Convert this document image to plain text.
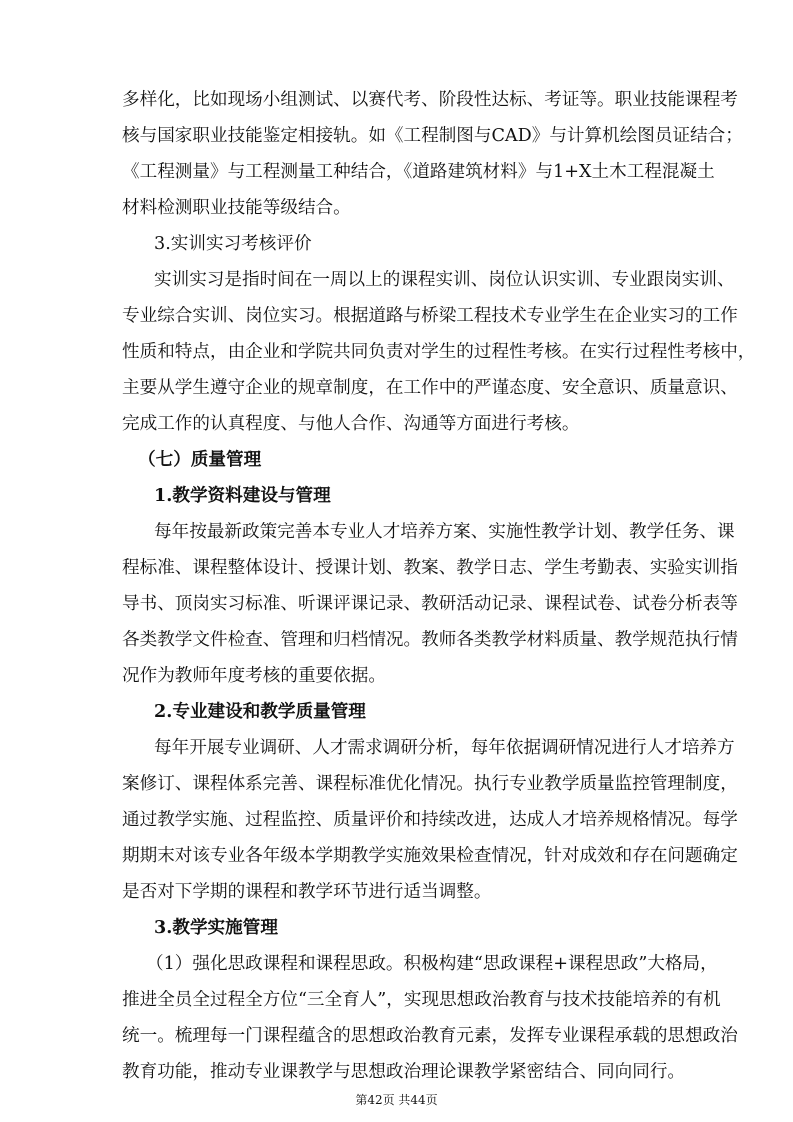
多样化，比如现场小组测试、以赛代考、阶段性达标、考证等。职业技能课程考
核与国家职业技能鉴定相接轨。如《工程制图与CAD》与计算机绘图员证结合；
《工程测量》与工程测量工种结合，《道路建筑材料》与1+X土木工程混凝土
材料检测职业技能等级结合。
3.实训实习考核评价
实训实习是指时间在一周以上的课程实训、岗位认识实训、专业跟岗实训、
专业综合实训、岗位实习。根据道路与桥梁工程技术专业学生在企业实习的工作
性质和特点，由企业和学院共同负责对学生的过程性考核。在实行过程性考核中，
主要从学生遵守企业的规章制度，在工作中的严谨态度、安全意识、质量意识、
完成工作的认真程度、与他人合作、沟通等方面进行考核。
（七）质量管理
1.教学资料建设与管理
每年按最新政策完善本专业人才培养方案、实施性教学计划、教学任务、课
程标准、课程整体设计、授课计划、教案、教学日志、学生考勤表、实验实训指
导书、顶岗实习标准、听课评课记录、教研活动记录、课程试卷、试卷分析表等
各类教学文件检查、管理和归档情况。教师各类教学材料质量、教学规范执行情
况作为教师年度考核的重要依据。
2.专业建设和教学质量管理
每年开展专业调研、人才需求调研分析，每年依据调研情况进行人才培养方
案修订、课程体系完善、课程标准优化情况。执行专业教学质量监控管理制度，
通过教学实施、过程监控、质量评价和持续改进，达成人才培养规格情况。每学
期期末对该专业各年级本学期教学实施效果检查情况，针对成效和存在问题确定
是否对下学期的课程和教学环节进行适当调整。
3.教学实施管理
（1）强化思政课程和课程思政。积极构建“思政课程+课程思政”大格局，
推进全员全过程全方位“三全育人”，实现思想政治教育与技术技能培养的有机
统一。梳理每一门课程蕴含的思想政治教育元素，发挥专业课程承载的思想政治
教育功能，推动专业课教学与思想政治理论课教学紧密结合、同向同行。
第42页 共44页
